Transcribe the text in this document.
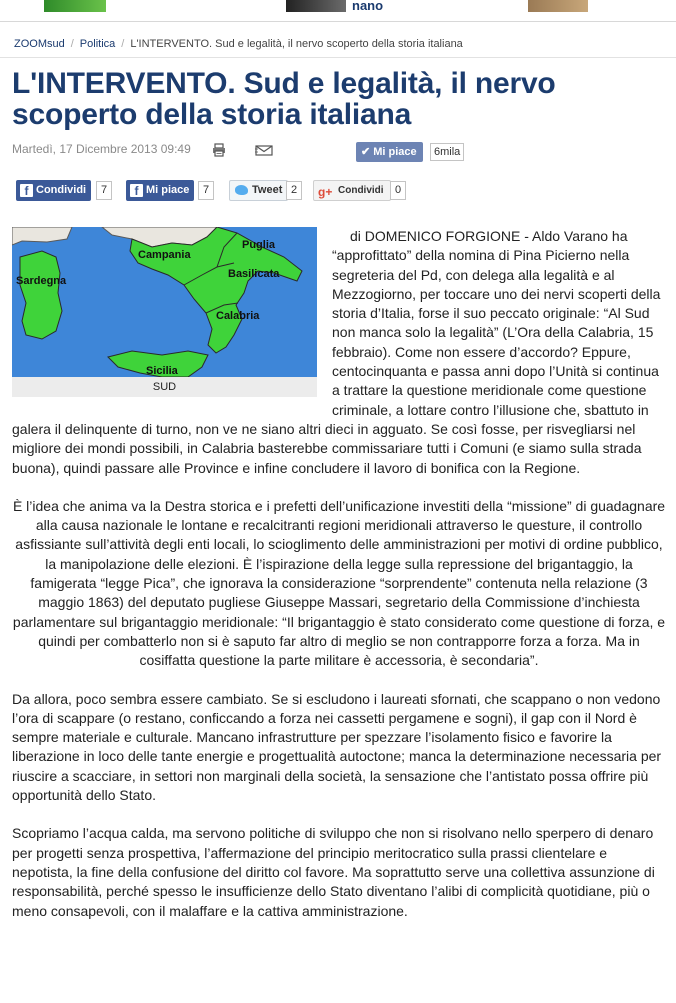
nano
ZOOMsud / Politica / L'INTERVENTO. Sud e legalità, il nervo scoperto della storia italiana
L'INTERVENTO. Sud e legalità, il nervo scoperto della storia italiana
Martedì, 17 Dicembre 2013 09:49	✔ Mi piace	6mila
f Condividi	7	f Mi piace	7	Tweet 2	g+ Condividi	0
Sardegna
Campania
Puglia
Basilicata
Calabria
Sicilia
SUD

di DOMENICO FORGIONE - Aldo Varano ha “approfittato” della nomina di Pina Picierno nella segreteria del Pd, con delega alla legalità e al Mezzogiorno, per toccare uno dei nervi scoperti della storia d’Italia, forse il suo peccato originale: “Al Sud non manca solo la legalità” (L’Ora della Calabria, 15 febbraio). Come non essere d’accordo? Eppure, centocinquanta e passa anni dopo l’Unità si continua a trattare la questione meridionale come questione criminale, a lottare contro l’illusione che, sbattuto in galera il delinquente di turno, non ve ne siano altri dieci in agguato. Se così fosse, per risvegliarsi nel migliore dei mondi possibili, in Calabria basterebbe commissariare tutti i Comuni (e siamo sulla strada buona), quindi passare alle Province e infine concludere il lavoro di bonifica con la Regione.

È l’idea che anima va la Destra storica e i prefetti dell’unificazione investiti della “missione” di guadagnare alla causa nazionale le lontane e recalcitranti regioni meridionali attraverso le questure, il controllo asfissiante sull’attività degli enti locali, lo scioglimento delle amministrazioni per motivi di ordine pubblico, la manipolazione delle elezioni. È l’ispirazione della legge sulla repressione del brigantaggio, la famigerata “legge Pica”, che ignorava la considerazione “sorprendente” contenuta nella relazione (3 maggio 1863) del deputato pugliese Giuseppe Massari, segretario della Commissione d’inchiesta parlamentare sul brigantaggio meridionale: “Il brigantaggio è stato considerato come questione di forza, e quindi per combatterlo non si è saputo far altro di meglio se non contrapporre forza a forza. Ma in cosiffatta questione la parte militare è accessoria, è secondaria”.

Da allora, poco sembra essere cambiato. Se si escludono i laureati sfornati, che scappano o non vedono l’ora di scappare (o restano, conficcando a forza nei cassetti pergamene e sogni), il gap con il Nord è sempre materiale e culturale. Mancano infrastrutture per spezzare l’isolamento fisico e favorire la liberazione in loco delle tante energie e progettualità autoctone; manca la determinazione necessaria per riuscire a scacciare, in settori non marginali della società, la sensazione che l’antistato possa offrire più opportunità dello Stato.

Scopriamo l’acqua calda, ma servono politiche di sviluppo che non si risolvano nello sperpero di denaro per progetti senza prospettiva, l’affermazione del principio meritocratico sulla prassi clientelare e nepotista, la fine della confusione del diritto col favore. Ma soprattutto serve una collettiva assunzione di responsabilità, perché spesso le insufficienze dello Stato diventano l’alibi di complicità quotidiane, più o meno consapevoli, con il malaffare e la cattiva amministrazione.
